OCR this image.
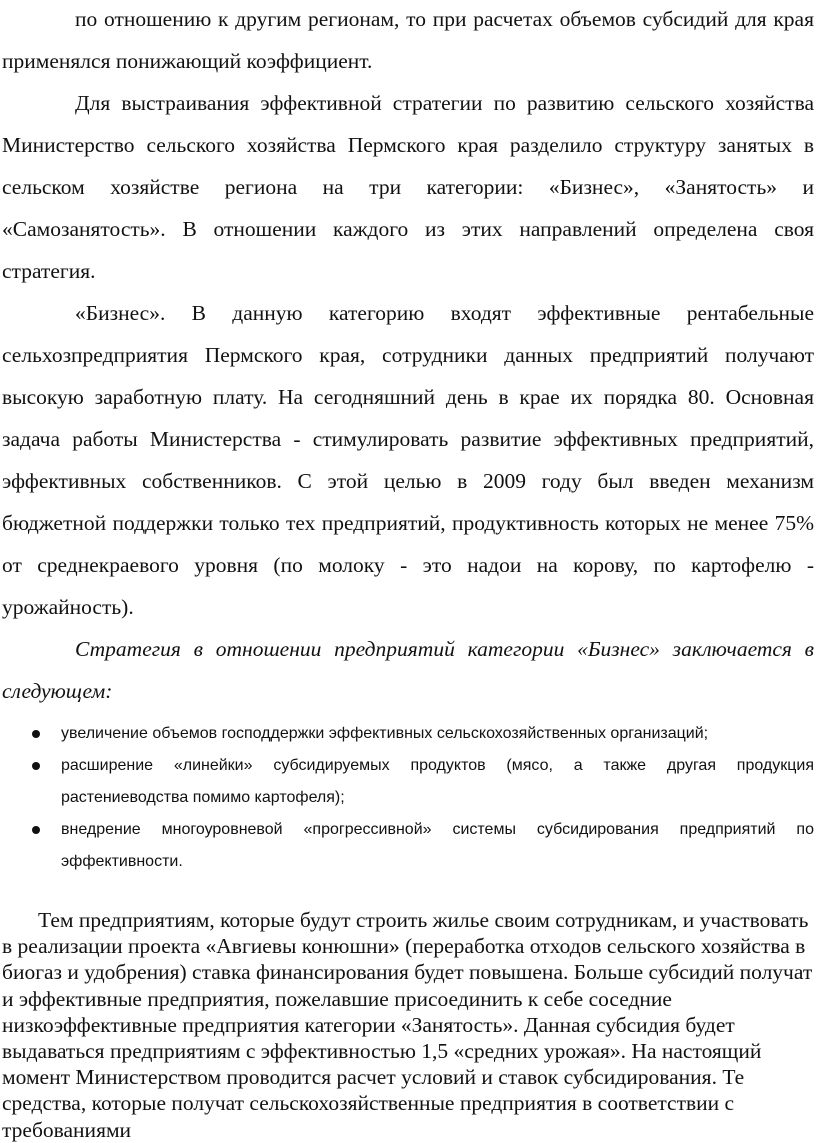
по отношению к другим регионам, то при расчетах объемов субсидий для края применялся понижающий коэффициент.

Для выстраивания эффективной стратегии по развитию сельского хозяйства Министерство сельского хозяйства Пермского края разделило структуру занятых в сельском хозяйстве региона на три категории: «Бизнес», «Занятость» и «Самозанятость». В отношении каждого из этих направлений определена своя стратегия.

«Бизнес». В данную категорию входят эффективные рентабельные сельхозпредприятия Пермского края, сотрудники данных предприятий получают высокую заработную плату. На сегодняшний день в крае их порядка 80. Основная задача работы Министерства - стимулировать развитие эффективных предприятий, эффективных собственников. С этой целью в 2009 году был введен механизм бюджетной поддержки только тех предприятий, продуктивность которых не менее 75% от среднекраевого уровня (по молоку - это надои на корову, по картофелю - урожайность).

Стратегия в отношении предприятий категории «Бизнес» заключается в следующем:

увеличение объемов господдержки эффективных сельскохозяйственных организаций;
расширение «линейки» субсидируемых продуктов (мясо, а также другая продукция растениеводства помимо картофеля);
внедрение многоуровневой «прогрессивной» системы субсидирования предприятий по эффективности.

Тем предприятиям, которые будут строить жилье своим сотрудникам, и участвовать в реализации проекта «Авгиевы конюшни» (переработка отходов сельского хозяйства в биогаз и удобрения) ставка финансирования будет повышена. Больше субсидий получат и эффективные предприятия, пожелавшие присоединить к себе соседние низкоэффективные предприятия категории «Занятость». Данная субсидия будет выдаваться предприятиям с эффективностью 1,5 «средних урожая». На настоящий момент Министерством проводится расчет условий и ставок субсидирования. Те средства, которые получат сельскохозяйственные предприятия в соответствии с требованиями
